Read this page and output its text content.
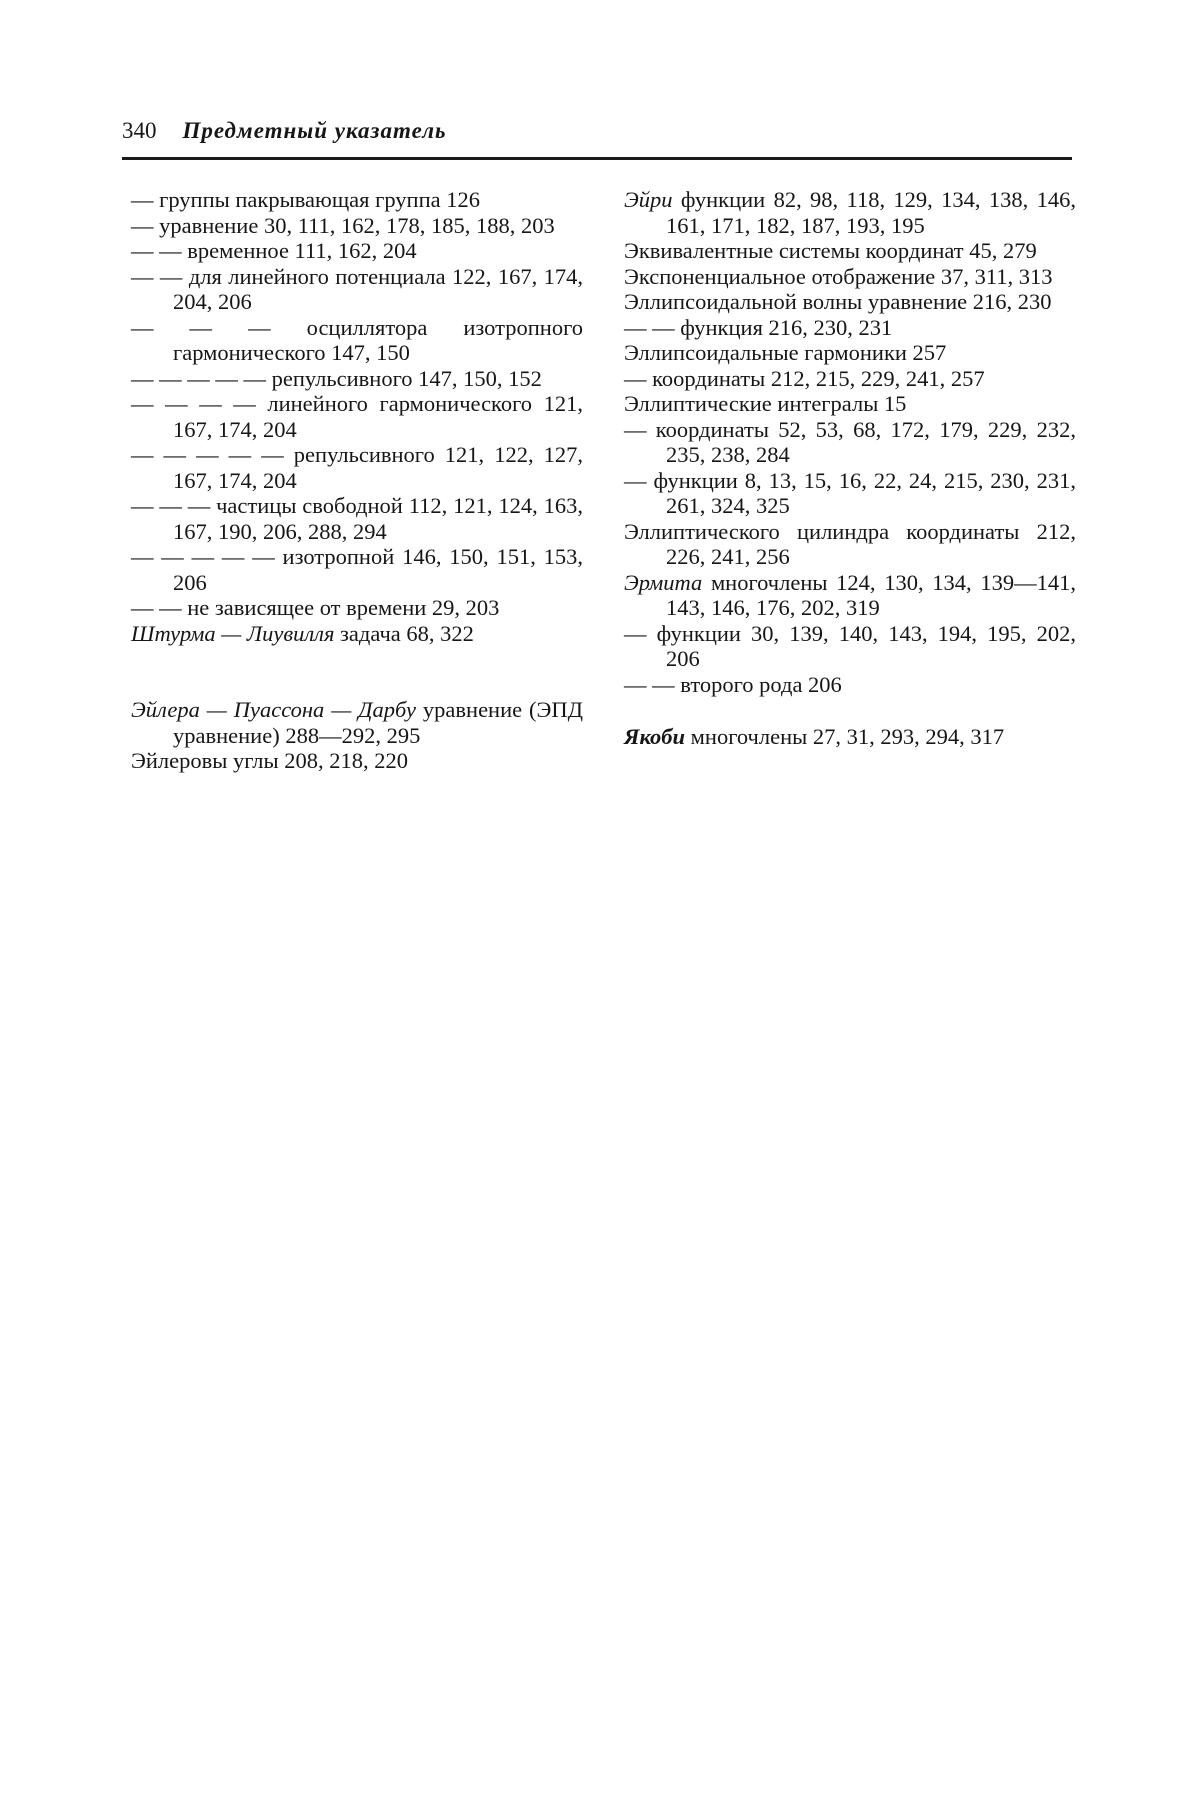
340 Предметный указатель

— группы пакрывающая группа 126

— уравнение 30, 111, 162, 178, 185, 188, 203

— — временное 111, 162, 204

— — для линейного потенциала 122, 167, 174, 204, 206

— — — осциллятора изотропного гармонического 147, 150

— — — — — репульсивного 147, 150, 152

— — — — линейного гармонического 121, 167, 174, 204

— — — — — репульсивного 121, 122, 127, 167, 174, 204

— — — частицы свободной 112, 121, 124, 163, 167, 190, 206, 288, 294

— — — — — изотропной 146, 150, 151, 153, 206

— — не зависящее от времени 29, 203

Штурма — Лиувилля задача 68, 322

Эйлера — Пуассона — Дарбу уравнение (ЭПД уравнение) 288—292, 295

Эйлеровы углы 208, 218, 220

Эйри функции 82, 98, 118, 129, 134, 138, 146, 161, 171, 182, 187, 193, 195

Эквивалентные системы координат 45, 279

Экспоненциальное отображение 37, 311, 313

Эллипсоидальной волны уравнение 216, 230

— — функция 216, 230, 231

Эллипсоидальные гармоники 257

— координаты 212, 215, 229, 241, 257

Эллиптические интегралы 15

— координаты 52, 53, 68, 172, 179, 229, 232, 235, 238, 284

— функции 8, 13, 15, 16, 22, 24, 215, 230, 231, 261, 324, 325

Эллиптического цилиндра координаты 212, 226, 241, 256

Эрмита многочлены 124, 130, 134, 139—141, 143, 146, 176, 202, 319

— функции 30, 139, 140, 143, 194, 195, 202, 206

— — второго рода 206

Якоби многочлены 27, 31, 293, 294, 317
